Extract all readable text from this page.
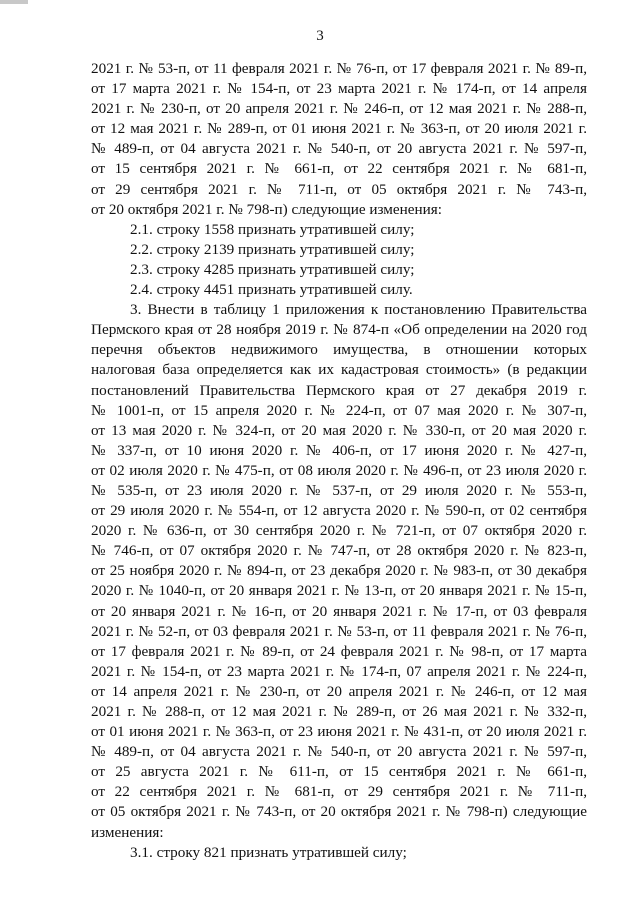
3
2021 г. № 53-п, от 11 февраля 2021 г. № 76-п, от 17 февраля 2021 г. № 89-п,
от 17 марта 2021 г. № 154-п, от 23 марта 2021 г. № 174-п, от 14 апреля
2021 г. № 230-п, от 20 апреля 2021 г. № 246-п, от 12 мая 2021 г. № 288-п,
от 12 мая 2021 г. № 289-п, от 01 июня 2021 г. № 363-п, от 20 июля 2021 г.
№ 489-п, от 04 августа 2021 г. № 540-п, от 20 августа 2021 г. № 597-п,
от 15 сентября 2021 г. № 661-п, от 22 сентября 2021 г. № 681-п,
от 29 сентября 2021 г. № 711-п, от 05 октября 2021 г. № 743-п,
от 20 октября 2021 г. № 798-п) следующие изменения:
2.1. строку 1558 признать утратившей силу;
2.2. строку 2139 признать утратившей силу;
2.3. строку 4285 признать утратившей силу;
2.4. строку 4451 признать утратившей силу.
3. Внести в таблицу 1 приложения к постановлению Правительства
Пермского края от 28 ноября 2019 г. № 874-п «Об определении на 2020 год
перечня объектов недвижимого имущества, в отношении которых
налоговая база определяется как их кадастровая стоимость» (в редакции
постановлений Правительства Пермского края от 27 декабря 2019 г.
№ 1001-п, от 15 апреля 2020 г. № 224-п, от 07 мая 2020 г. № 307-п,
от 13 мая 2020 г. № 324-п, от 20 мая 2020 г. № 330-п, от 20 мая 2020 г.
№ 337-п, от 10 июня 2020 г. № 406-п, от 17 июня 2020 г. № 427-п,
от 02 июля 2020 г. № 475-п, от 08 июля 2020 г. № 496-п, от 23 июля 2020 г.
№ 535-п, от 23 июля 2020 г. № 537-п, от 29 июля 2020 г. № 553-п,
от 29 июля 2020 г. № 554-п, от 12 августа 2020 г. № 590-п, от 02 сентября
2020 г. № 636-п, от 30 сентября 2020 г. № 721-п, от 07 октября 2020 г.
№ 746-п, от 07 октября 2020 г. № 747-п, от 28 октября 2020 г. № 823-п,
от 25 ноября 2020 г. № 894-п, от 23 декабря 2020 г. № 983-п, от 30 декабря
2020 г. № 1040-п, от 20 января 2021 г. № 13-п, от 20 января 2021 г. № 15-п,
от 20 января 2021 г. № 16-п, от 20 января 2021 г. № 17-п, от 03 февраля
2021 г. № 52-п, от 03 февраля 2021 г. № 53-п, от 11 февраля 2021 г. № 76-п,
от 17 февраля 2021 г. № 89-п, от 24 февраля 2021 г. № 98-п, от 17 марта
2021 г. № 154-п, от 23 марта 2021 г. № 174-п, 07 апреля 2021 г. № 224-п,
от 14 апреля 2021 г. № 230-п, от 20 апреля 2021 г. № 246-п, от 12 мая
2021 г. № 288-п, от 12 мая 2021 г. № 289-п, от 26 мая 2021 г. № 332-п,
от 01 июня 2021 г. № 363-п, от 23 июня 2021 г. № 431-п, от 20 июля 2021 г.
№ 489-п, от 04 августа 2021 г. № 540-п, от 20 августа 2021 г. № 597-п,
от 25 августа 2021 г. № 611-п, от 15 сентября 2021 г. № 661-п,
от 22 сентября 2021 г. № 681-п, от 29 сентября 2021 г. № 711-п,
от 05 октября 2021 г. № 743-п, от 20 октября 2021 г. № 798-п) следующие
изменения:
3.1. строку 821 признать утратившей силу;
